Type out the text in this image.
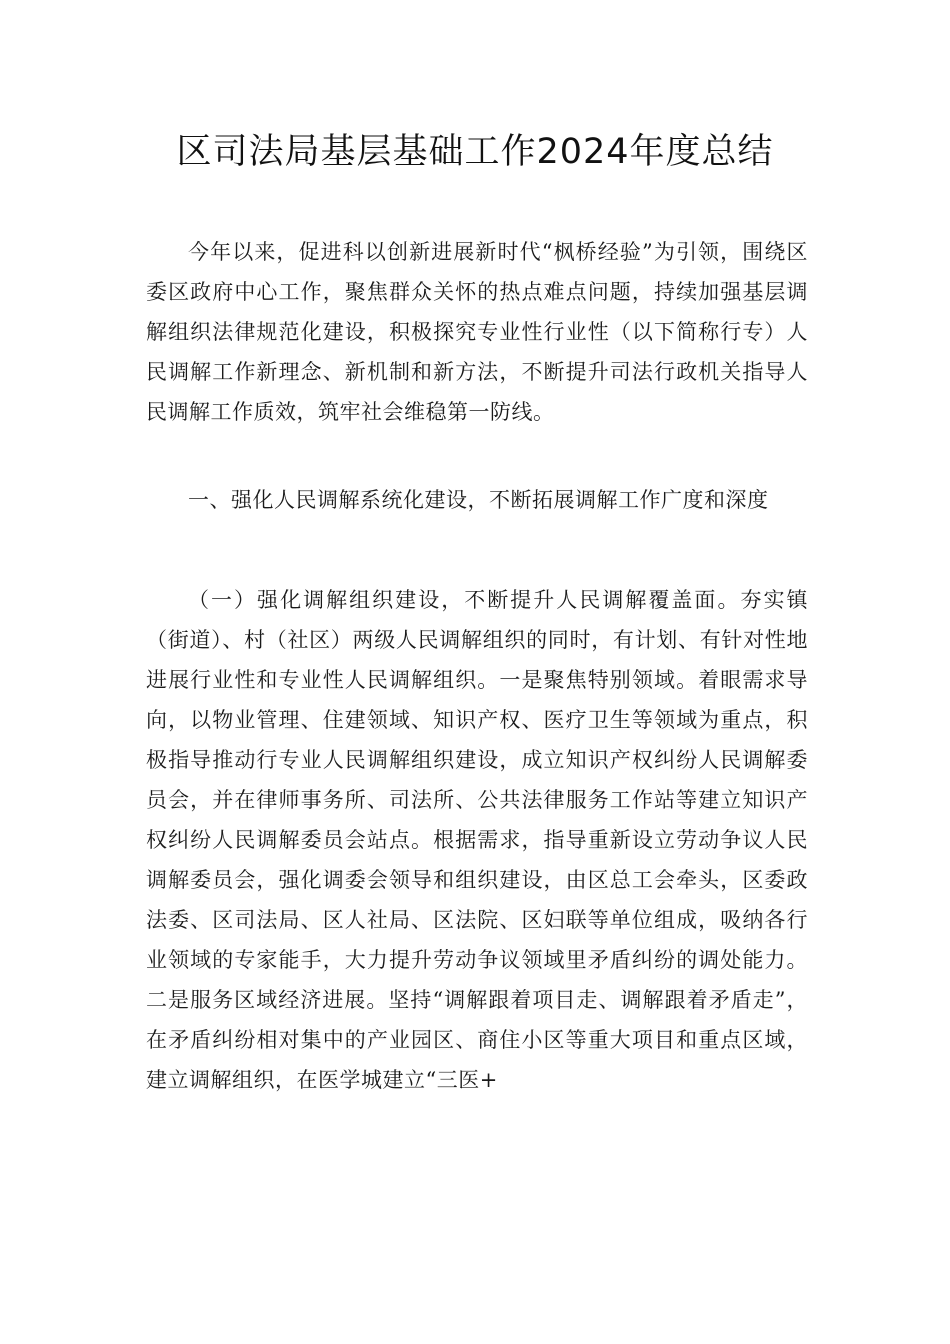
区司法局基层基础工作2024年度总结

今年以来，促进科以创新进展新时代“枫桥经验”为引领，围绕区委区政府中心工作，聚焦群众关怀的热点难点问题，持续加强基层调解组织法律规范化建设，积极探究专业性行业性（以下简称行专）人民调解工作新理念、新机制和新方法，不断提升司法行政机关指导人民调解工作质效，筑牢社会维稳第一防线。

一、强化人民调解系统化建设，不断拓展调解工作广度和深度

（一）强化调解组织建设，不断提升人民调解覆盖面。夯实镇（街道）、村（社区）两级人民调解组织的同时，有计划、有针对性地进展行业性和专业性人民调解组织。一是聚焦特别领域。着眼需求导向，以物业管理、住建领域、知识产权、医疗卫生等领域为重点，积极指导推动行专业人民调解组织建设，成立知识产权纠纷人民调解委员会，并在律师事务所、司法所、公共法律服务工作站等建立知识产权纠纷人民调解委员会站点。根据需求，指导重新设立劳动争议人民调解委员会，强化调委会领导和组织建设，由区总工会牵头，区委政法委、区司法局、区人社局、区法院、区妇联等单位组成，吸纳各行业领域的专家能手，大力提升劳动争议领域里矛盾纠纷的调处能力。二是服务区域经济进展。坚持“调解跟着项目走、调解跟着矛盾走”，在矛盾纠纷相对集中的产业园区、商住小区等重大项目和重点区域，建立调解组织，在医学城建立“三医+
